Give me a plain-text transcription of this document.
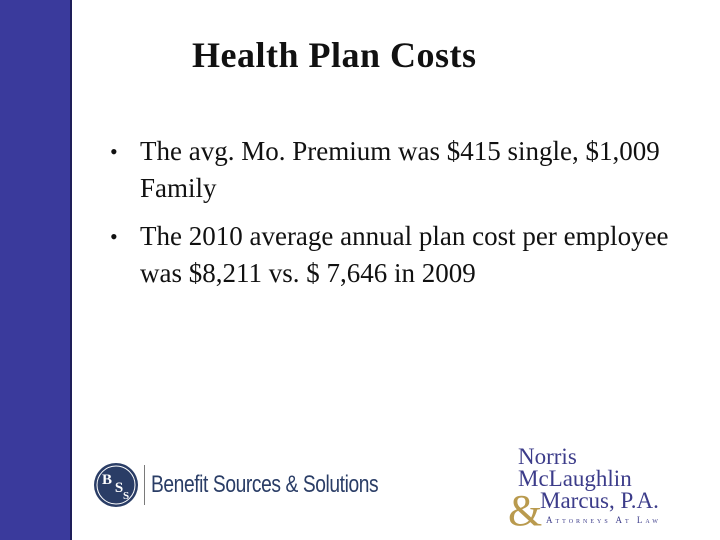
Health Plan Costs
• The avg. Mo. Premium was $415 single, $1,009 Family
• The 2010 average annual plan cost per employee was $8,211 vs. $ 7,646 in 2009
B S S Benefit Sources & Solutions
Norris
McLaughlin
&
Marcus, P.A.
Attorneys At Law
